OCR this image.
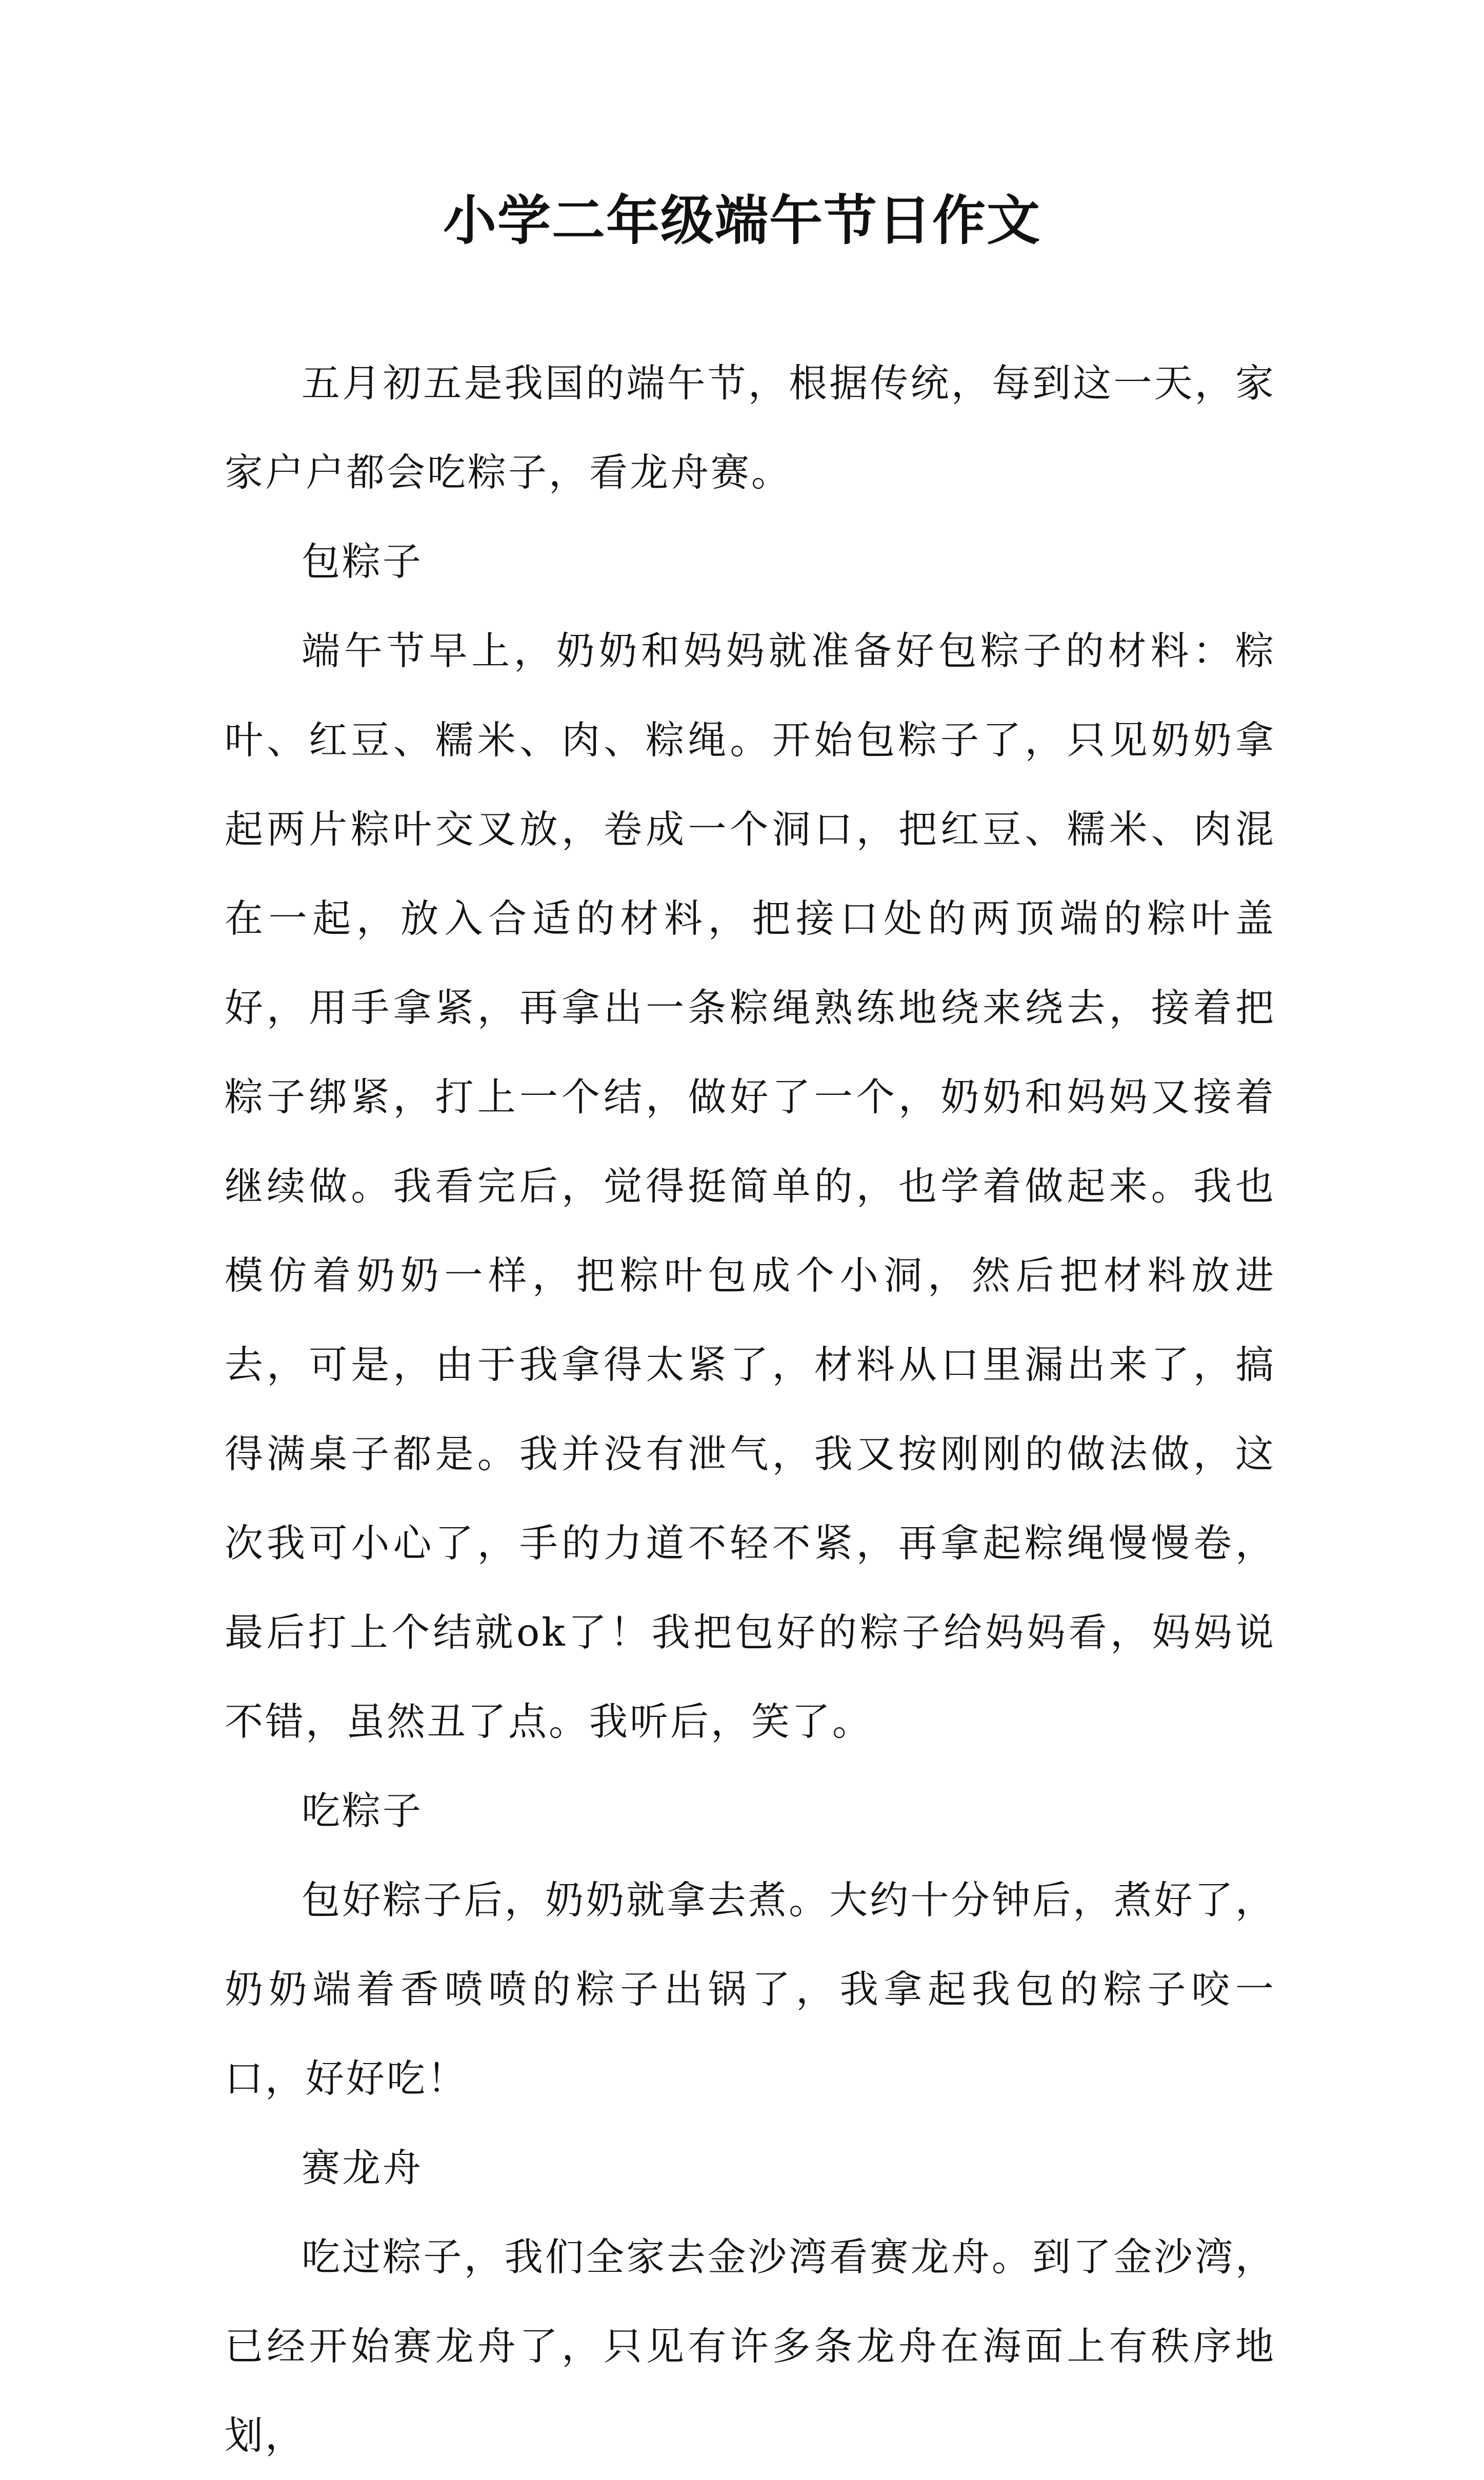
小学二年级端午节日作文

五月初五是我国的端午节，根据传统，每到这一天，家家户户都会吃粽子，看龙舟赛。

包粽子

端午节早上，奶奶和妈妈就准备好包粽子的材料：粽叶、红豆、糯米、肉、粽绳。开始包粽子了，只见奶奶拿起两片粽叶交叉放，卷成一个洞口，把红豆、糯米、肉混在一起，放入合适的材料，把接口处的两顶端的粽叶盖好，用手拿紧，再拿出一条粽绳熟练地绕来绕去，接着把粽子绑紧，打上一个结，做好了一个，奶奶和妈妈又接着继续做。我看完后，觉得挺简单的，也学着做起来。我也模仿着奶奶一样，把粽叶包成个小洞，然后把材料放进去，可是，由于我拿得太紧了，材料从口里漏出来了，搞得满桌子都是。我并没有泄气，我又按刚刚的做法做，这次我可小心了，手的力道不轻不紧，再拿起粽绳慢慢卷，最后打上个结就ok了！我把包好的粽子给妈妈看，妈妈说不错，虽然丑了点。我听后，笑了。

吃粽子

包好粽子后，奶奶就拿去煮。大约十分钟后，煮好了，奶奶端着香喷喷的粽子出锅了，我拿起我包的粽子咬一口，好好吃！

赛龙舟

吃过粽子，我们全家去金沙湾看赛龙舟。到了金沙湾，已经开始赛龙舟了，只见有许多条龙舟在海面上有秩序地划，
